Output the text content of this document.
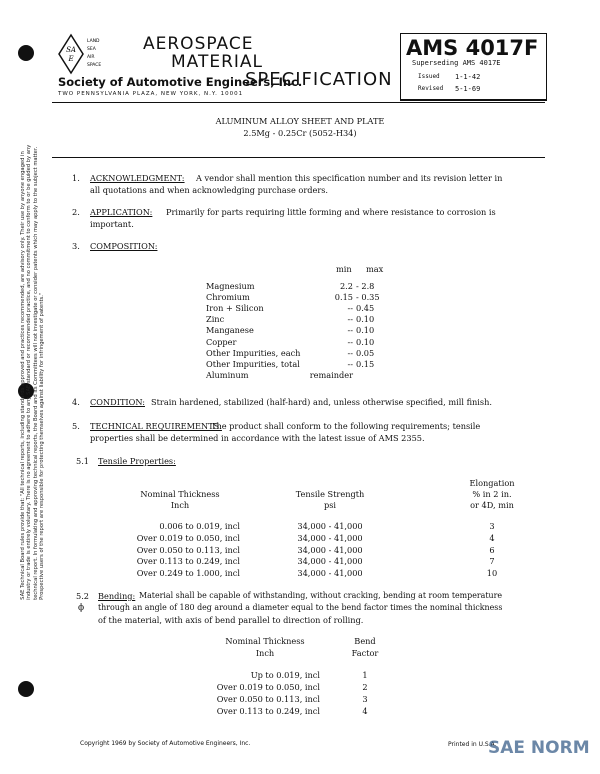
SAE Technical Board rules provide that: "All technical reports, including standards approved and practices recommended, are advisory only. Their use by anyone engaged in industry or trade is entirely voluntary. There is no agreement to adhere to any SAE standard or recommended practice, and no commitment to conform to or be guided by any technical report. In formulating and approving technical reports, the Board and its Committees will not investigate or consider patents which may apply to the subject matter. Prospective users of the report are responsible for protecting themselves against liability for infringement of patents."
SA
E
LAND
SEA
AIR
SPACE
AEROSPACE
MATERIAL
SPECIFICATION
Society of Automotive Engineers, Inc.
TWO PENNSYLVANIA PLAZA, NEW YORK, N.Y. 10001
AMS 4017F
Superseding AMS 4017E
Issued 1-1-42
Revised 5-1-69
ALUMINUM ALLOY SHEET AND PLATE
2.5Mg - 0.25Cr (5052-H34)
1. ACKNOWLEDGMENT: A vendor shall mention this specification number and its revision letter in
all quotations and when acknowledging purchase orders.
2. APPLICATION: Primarily for parts requiring little forming and where resistance to corrosion is
important.
3. COMPOSITION:
min max
Magnesium	2.2 - 2.8
Chromium	0.15 - 0.35
Iron + Silicon	-- 0.45
Zinc	-- 0.10
Manganese	-- 0.10
Copper	-- 0.10
Other Impurities, each	-- 0.05
Other Impurities, total	-- 0.15
Aluminum	remainder
4. CONDITION: Strain hardened, stabilized (half-hard) and, unless otherwise specified, mill finish.
5. TECHNICAL REQUIREMENTS:
The product shall conform to the following requirements; tensile
properties shall be determined in accordance with the latest issue of AMS 2355.
5.1 Tensile Properties:
Elongation
% in 2 in.
or 4D, min
Nominal Thickness
Inch
Tensile Strength
psi
0.006 to 0.019, incl	34,000 - 41,000	3
Over 0.019 to 0.050, incl	34,000 - 41,000	4
Over 0.050 to 0.113, incl	34,000 - 41,000	6
Over 0.113 to 0.249, incl	34,000 - 41,000	7
Over 0.249 to 1.000, incl	34,000 - 41,000	10
5.2
ϕ
Bending: Material shall be capable of withstanding, without cracking, bending at room temperature
through an angle of 180 deg around a diameter equal to the bend factor times the nominal thickness
of the material, with axis of bend parallel to direction of rolling.
Nominal Thickness
Inch
Bend
Factor
Up to 0.019, incl	1
Over 0.019 to 0.050, incl	2
Over 0.050 to 0.113, incl	3
Over 0.113 to 0.249, incl	4
Copyright 1969 by Society of Automotive Engineers, Inc.	Printed in U.S.A.
SAE NORM
